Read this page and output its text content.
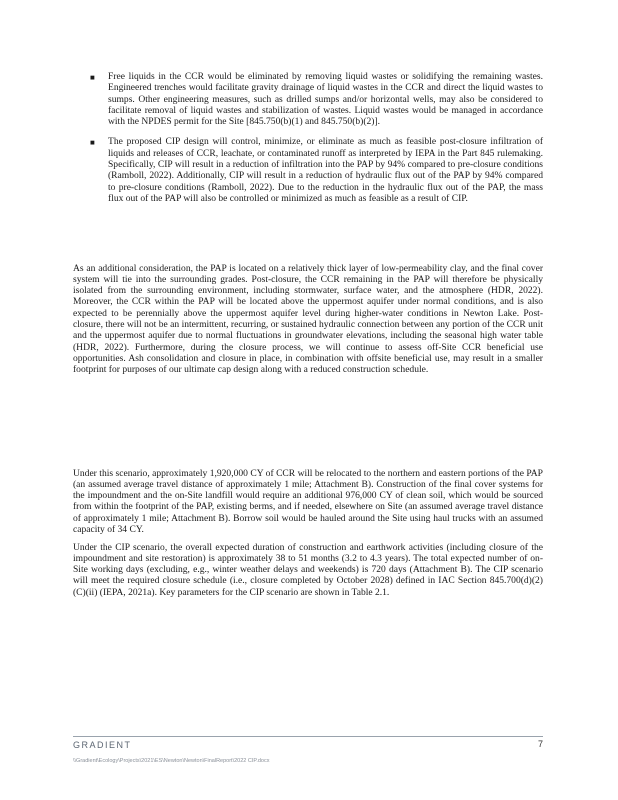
■ Free liquids in the CCR would be eliminated by removing liquid wastes or solidifying the remaining wastes. Engineered trenches would facilitate gravity drainage of liquid wastes in the CCR and direct the liquid wastes to sumps. Other engineering measures, such as drilled sumps and/or horizontal wells, may also be considered to facilitate removal of liquid wastes and stabilization of wastes. Liquid wastes would be managed in accordance with the NPDES permit for the Site [845.750(b)(1) and 845.750(b)(2)].
■ The proposed CIP design will control, minimize, or eliminate as much as feasible post-closure infiltration of liquids and releases of CCR, leachate, or contaminated runoff as interpreted by IEPA in the Part 845 rulemaking. Specifically, CIP will result in a reduction of infiltration into the PAP by 94% compared to pre-closure conditions (Ramboll, 2022). Additionally, CIP will result in a reduction of hydraulic flux out of the PAP by 94% compared to pre-closure conditions (Ramboll, 2022). Due to the reduction in the hydraulic flux out of the PAP, the mass flux out of the PAP will also be controlled or minimized as much as feasible as a result of CIP.

As an additional consideration, the PAP is located on a relatively thick layer of low-permeability clay, and the final cover system will tie into the surrounding grades. Post-closure, the CCR remaining in the PAP will therefore be physically isolated from the surrounding environment, including stormwater, surface water, and the atmosphere (HDR, 2022). Moreover, the CCR within the PAP will be located above the uppermost aquifer under normal conditions, and is also expected to be perennially above the uppermost aquifer level during higher-water conditions in Newton Lake. Post-closure, there will not be an intermittent, recurring, or sustained hydraulic connection between any portion of the CCR unit and the uppermost aquifer due to normal fluctuations in groundwater elevations, including the seasonal high water table (HDR, 2022). Furthermore, during the closure process, we will continue to assess off-Site CCR beneficial use opportunities. Ash consolidation and closure in place, in combination with offsite beneficial use, may result in a smaller footprint for purposes of our ultimate cap design along with a reduced construction schedule.

Under this scenario, approximately 1,920,000 CY of CCR will be relocated to the northern and eastern portions of the PAP (an assumed average travel distance of approximately 1 mile; Attachment B). Construction of the final cover systems for the impoundment and the on-Site landfill would require an additional 976,000 CY of clean soil, which would be sourced from within the footprint of the PAP, existing berms, and if needed, elsewhere on Site (an assumed average travel distance of approximately 1 mile; Attachment B). Borrow soil would be hauled around the Site using haul trucks with an assumed capacity of 34 CY.

Under the CIP scenario, the overall expected duration of construction and earthwork activities (including closure of the impoundment and site restoration) is approximately 38 to 51 months (3.2 to 4.3 years). The total expected number of on-Site working days (excluding, e.g., winter weather delays and weekends) is 720 days (Attachment B). The CIP scenario will meet the required closure schedule (i.e., closure completed by October 2028) defined in IAC Section 845.700(d)(2)(C)(ii) (IEPA, 2021a). Key parameters for the CIP scenario are shown in Table 2.1.

GRADIENT	7
\\Gradient\Ecology\Projects\2021\ES\Newton\Newton\FinalReport\2022 CIP.docx
